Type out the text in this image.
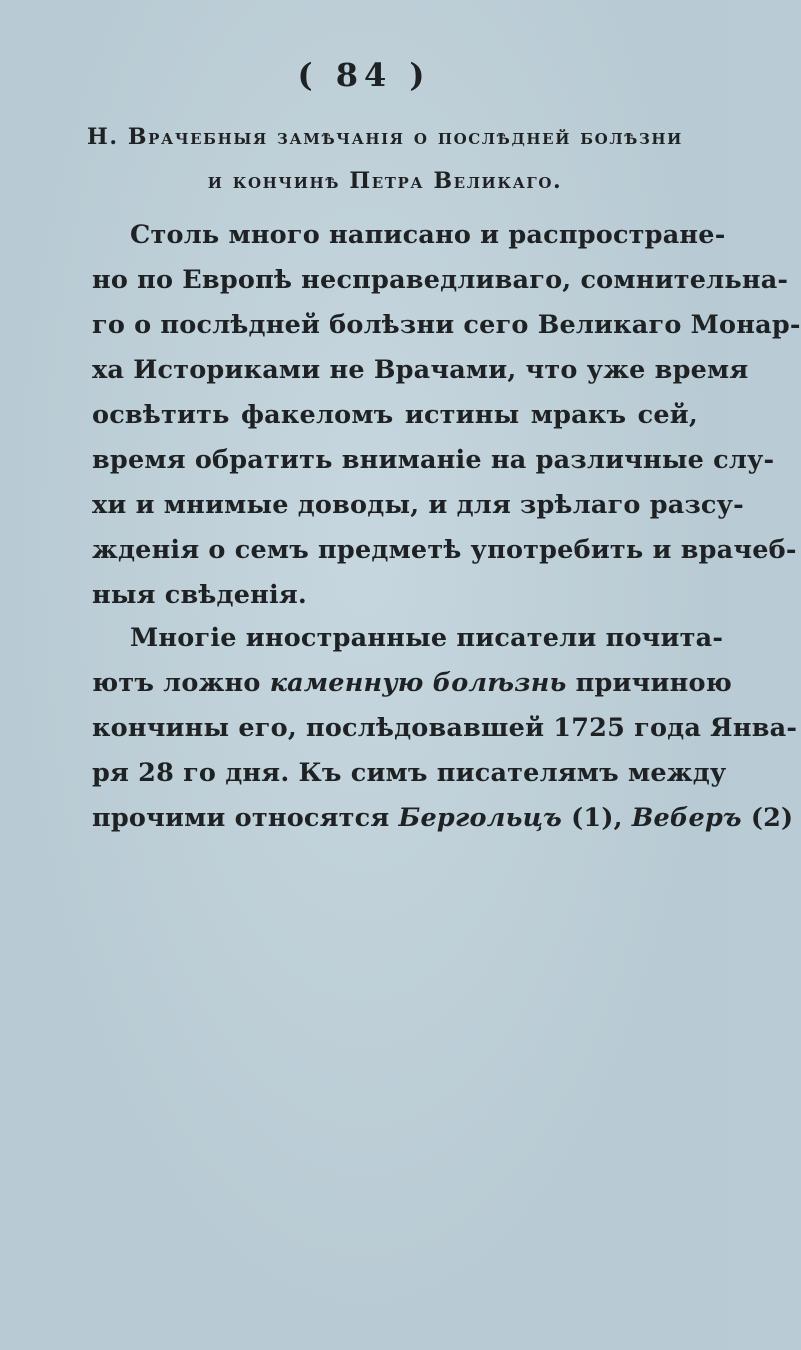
( 84 )
H. Врачебныя замѣчанія о послѣдней болѣзни
и кончинѣ Петра Великаго.
Столь много написано и распростране-
но по Европѣ несправедливаго, сомнительна-
го о послѣдней болѣзни сего Великаго Монар-
ха Историками не Врачами, что уже время
освѣтить факеломъ истины мракъ сей,
время обратить вниманіе на различные слу-
хи и мнимые доводы, и для зрѣлаго разсу-
жденія о семъ предметѣ употребить и врачеб-
ныя свѣденія.
Многіе иностранные писатели почита-
ютъ ложно каменную болѣзнь причиною
кончины его, послѣдовавшей 1725 года Янва-
ря 28 го дня. Къ симъ писателямъ между
прочими относятся Бергольцъ (1), Веберъ (2)
